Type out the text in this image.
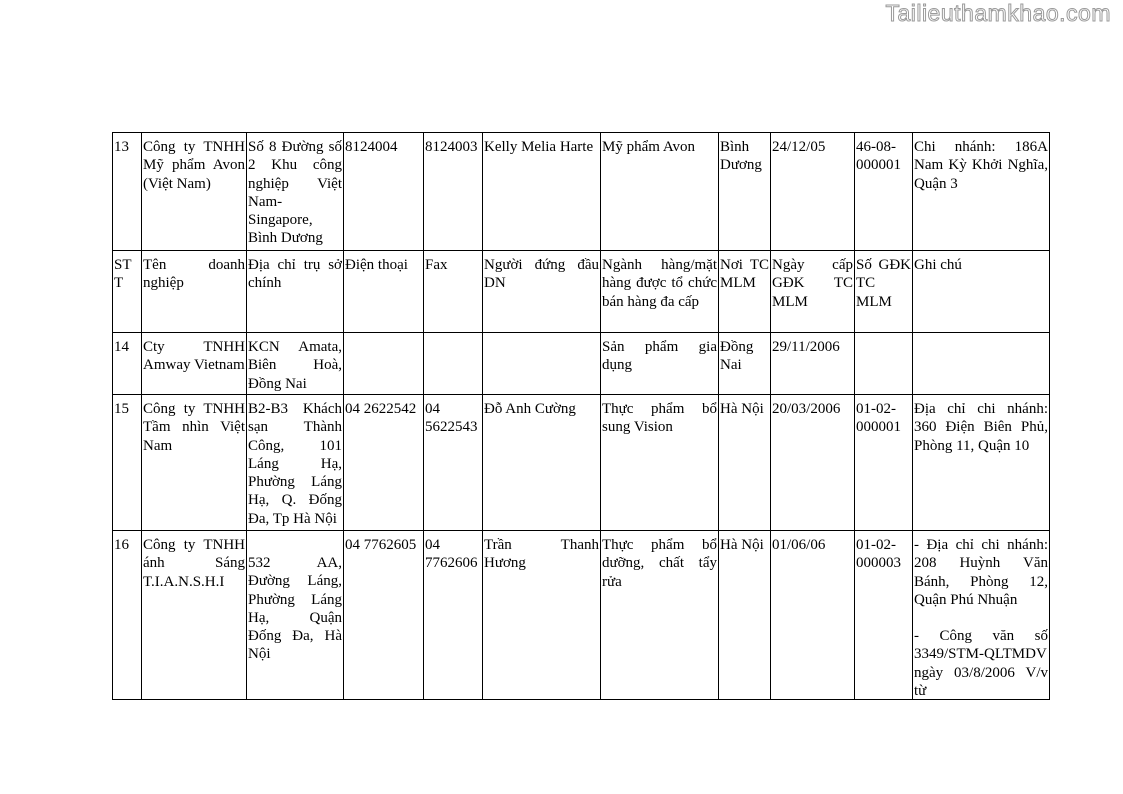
Tailieuthamkhao.com
13	Công ty TNHH Mỹ phẩm Avon (Việt Nam)	Số 8 Đường số 2 Khu công nghiệp Việt Nam-Singapore, Bình Dương	8124004	8124003	Kelly Melia Harte	Mỹ phẩm Avon	Bình Dương	24/12/05	46-08-000001	Chi nhánh: 186A Nam Kỳ Khởi Nghĩa, Quận 3
ST T	Tên doanh nghiệp	Địa chỉ trụ sở chính	Điện thoại	Fax	Người đứng đầu DN	Ngành hàng/mặt hàng được tổ chức bán hàng đa cấp	Nơi TC MLM	Ngày cấp GĐK TC MLM	Số GĐK TC MLM	Ghi chú
14	Cty TNHH Amway Vietnam	KCN Amata, Biên Hoà, Đồng Nai				Sản phẩm gia dụng	Đồng Nai	29/11/2006		
15	Công ty TNHH Tầm nhìn Việt Nam	B2-B3 Khách sạn Thành Công, 101 Láng Hạ, Phường Láng Hạ, Q. Đống Đa, Tp Hà Nội	04 2622542	04 5622543	Đỗ Anh Cường	Thực phẩm bổ sung Vision	Hà Nội	20/03/2006	01-02-000001	Địa chỉ chi nhánh: 360 Điện Biên Phủ, Phòng 11, Quận 10
16	Công ty TNHH ánh Sáng T.I.A.N.S.H.I	532 AA, Đường Láng, Phường Láng Hạ, Quận Đống Đa, Hà Nội	04 7762605	04 7762606	Trần Thanh Hương	Thực phẩm bổ dưỡng, chất tẩy rửa	Hà Nội	01/06/06	01-02-000003	- Địa chỉ chi nhánh: 208 Huỳnh Văn Bánh, Phòng 12, Quận Phú Nhuận
- Công văn số 3349/STM-QLTMDV ngày 03/8/2006 V/v từ
